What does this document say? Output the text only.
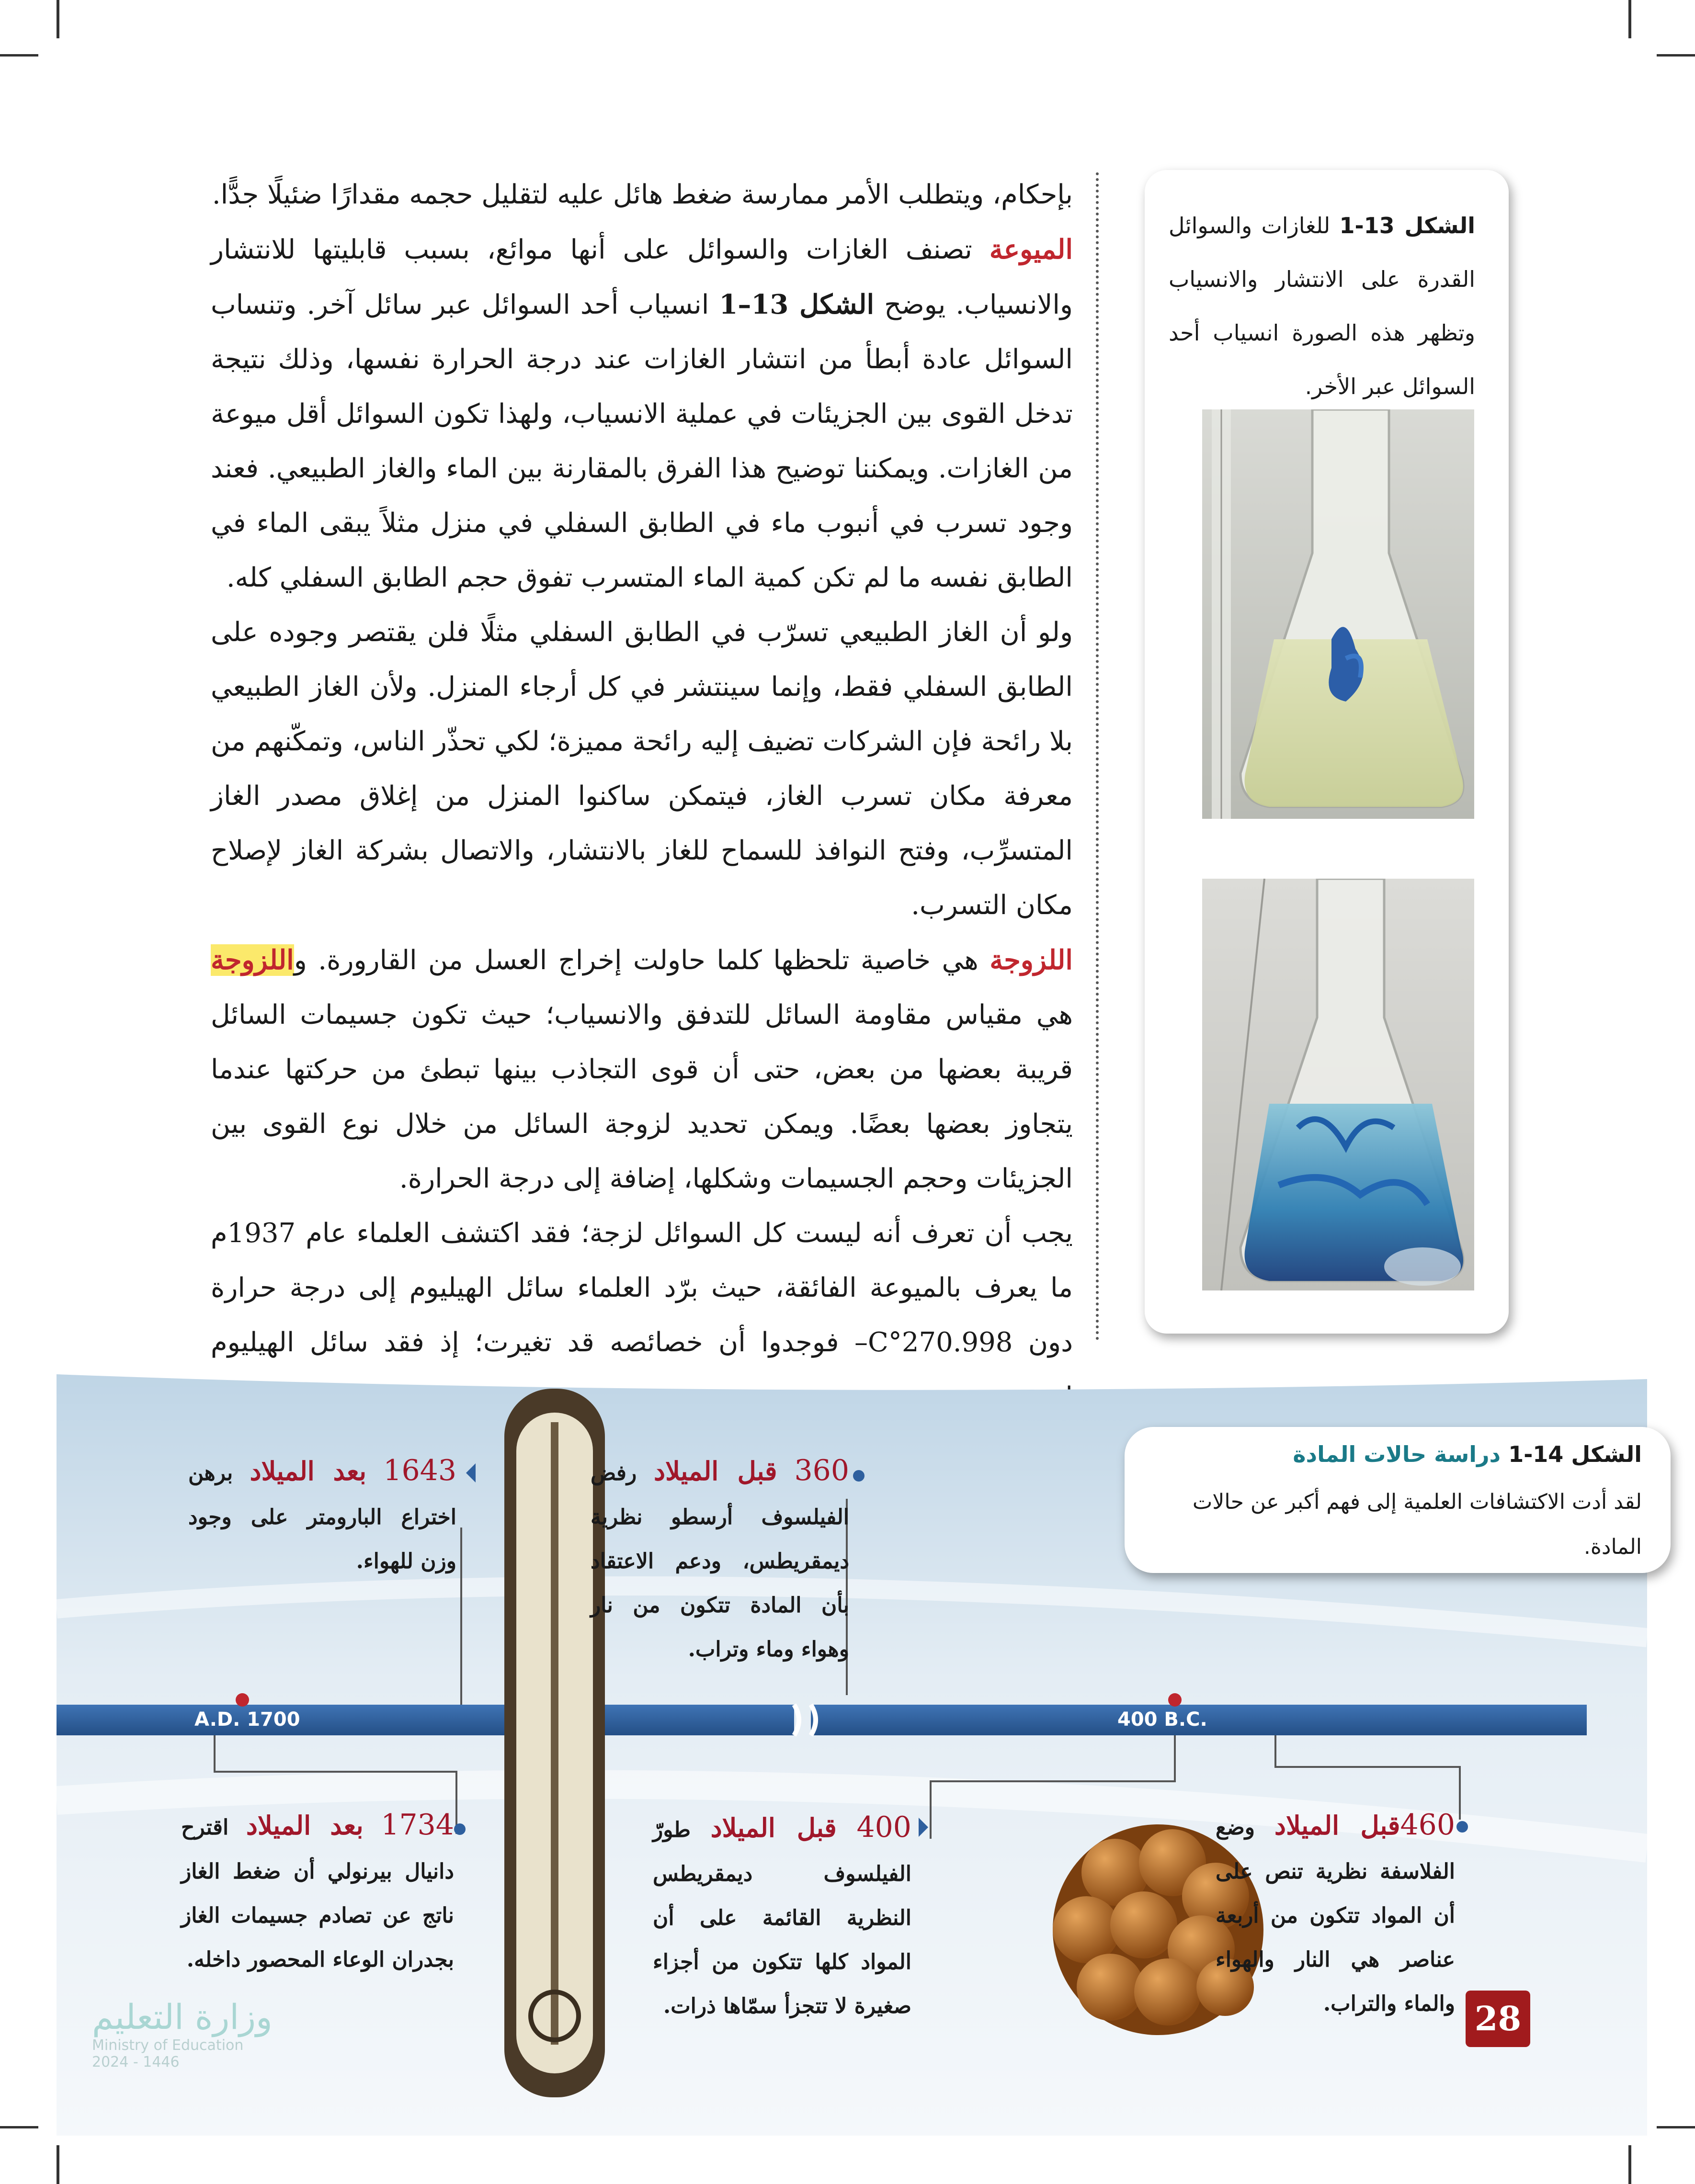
بإحكام، ويتطلب الأمر ممارسة ضغط هائل عليه لتقليل حجمه مقدارًا ضئيلًا جدًّا.

الميوعة تصنف الغازات والسوائل على أنها موائع، بسبب قابليتها للانتشار والانسياب. يوضح الشكل 13–1 انسياب أحد السوائل عبر سائل آخر. وتنساب السوائل عادة أبطأ من انتشار الغازات عند درجة الحرارة نفسها، وذلك نتيجة تدخل القوى بين الجزيئات في عملية الانسياب، ولهذا تكون السوائل أقل ميوعة من الغازات. ويمكننا توضيح هذا الفرق بالمقارنة بين الماء والغاز الطبيعي. فعند وجود تسرب في أنبوب ماء في الطابق السفلي في منزل مثلاً يبقى الماء في الطابق نفسه ما لم تكن كمية الماء المتسرب تفوق حجم الطابق السفلي كله.

ولو أن الغاز الطبيعي تسرّب في الطابق السفلي مثلًا فلن يقتصر وجوده على الطابق السفلي فقط، وإنما سينتشر في كل أرجاء المنزل. ولأن الغاز الطبيعي بلا رائحة فإن الشركات تضيف إليه رائحة مميزة؛ لكي تحذّر الناس، وتمكّنهم من معرفة مكان تسرب الغاز، فيتمكن ساكنوا المنزل من إغلاق مصدر الغاز المتسرِّب، وفتح النوافذ للسماح للغاز بالانتشار، والاتصال بشركة الغاز لإصلاح مكان التسرب.

اللزوجة هي خاصية تلحظها كلما حاولت إخراج العسل من القارورة. واللزوجة هي مقياس مقاومة السائل للتدفق والانسياب؛ حيث تكون جسيمات السائل قريبة بعضها من بعض، حتى أن قوى التجاذب بينها تبطئ من حركتها عندما يتجاوز بعضها بعضًا. ويمكن تحديد لزوجة السائل من خلال نوع القوى بين الجزيئات وحجم الجسيمات وشكلها، إضافة إلى درجة الحرارة.

يجب أن تعرف أنه ليست كل السوائل لزجة؛ فقد اكتشف العلماء عام 1937م ما يعرف بالميوعة الفائقة، حيث برّد العلماء سائل الهيليوم إلى درجة حرارة دون 270.998°C– فوجدوا أن خصائصه قد تغيرت؛ إذ فقد سائل الهيليوم

الشكل 13-1 للغازات والسوائل القدرة على الانتشار والانسياب وتظهر هذه الصورة انسياب أحد السوائل عبر الأخر.
A.D. 1700	400 B.C.
1643 بعد الميلاد برهن اختراع البارومتر على وجود وزن للهواء.
360 قبل الميلاد رفض الفيلسوف أرسطو نظرية ديمقريطس، ودعم الاعتقاد بأن المادة تتكون من نار وهواء وماء وتراب.
1734 بعد الميلاد اقترح دانيال بيرنولي أن ضغط الغاز ناتج عن تصادم جسيمات الغاز بجدران الوعاء المحصور داخله.
400 قبل الميلاد طورّ الفيلسوف ديمقريطس النظرية القائمة على أن المواد كلها تتكون من أجزاء صغيرة لا تتجزأ سمّاها ذرات.
460قبل الميلاد وضع الفلاسفة نظرية تنص على أن المواد تتكون من أربعة عناصر هي النار والهواء والماء والتراب.
الشكل 14-1 دراسة حالات المادة
لقد أدت الاكتشافات العلمية إلى فهم أكبر عن حالات المادة.
28
وزارة التعليم
Ministry of Education
2024 - 1446
